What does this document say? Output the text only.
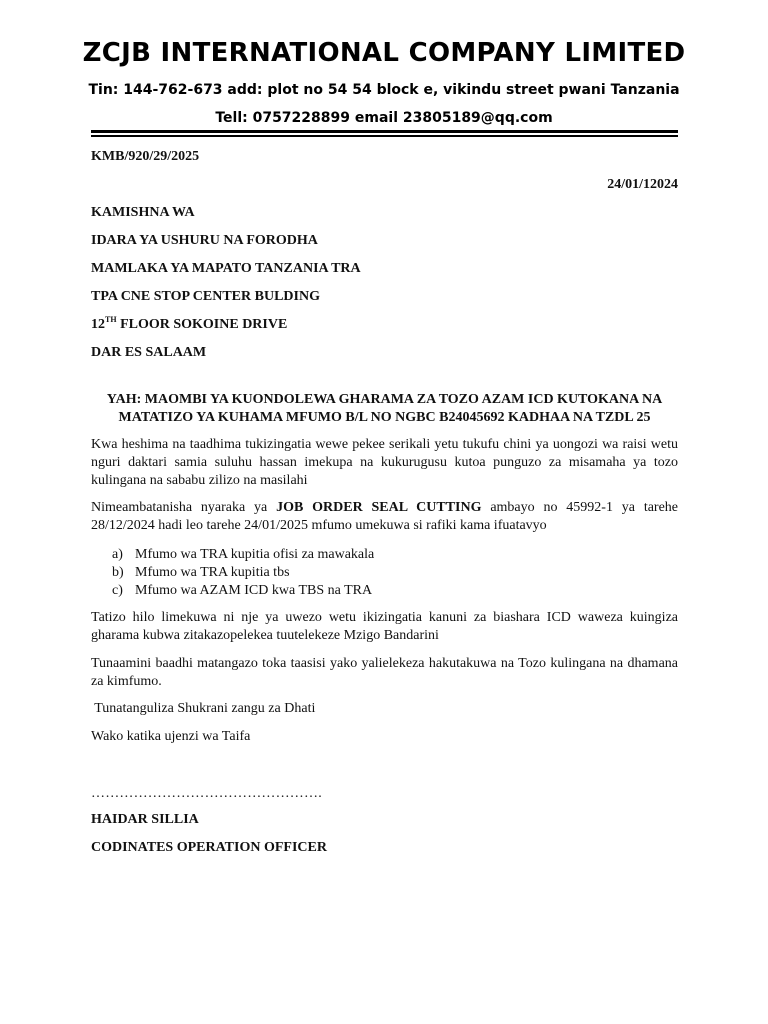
ZCJB INTERNATIONAL COMPANY LIMITED
Tin: 144-762-673 add: plot no 54 54 block e, vikindu street pwani Tanzania
Tell: 0757228899 email 23805189@qq.com
KMB/920/29/2025
24/01/12024
KAMISHNA WA
IDARA YA USHURU NA FORODHA
MAMLAKA YA MAPATO TANZANIA TRA
TPA CNE STOP CENTER BULDING
12TH FLOOR SOKOINE DRIVE
DAR ES SALAAM
YAH: MAOMBI YA KUONDOLEWA GHARAMA ZA TOZO AZAM ICD KUTOKANA NA MATATIZO YA KUHAMA MFUMO B/L NO NGBC B24045692 KADHAA NA TZDL 25
Kwa heshima na taadhima tukizingatia wewe pekee serikali yetu tukufu chini ya uongozi wa raisi wetu nguri daktari samia suluhu hassan imekupa na kukurugusu kutoa punguzo za misamaha ya tozo kulingana na sababu zilizo na masilahi
Nimeambatanisha nyaraka ya JOB ORDER SEAL CUTTING ambayo no 45992-1 ya tarehe 28/12/2024 hadi leo tarehe 24/01/2025 mfumo umekuwa si rafiki kama ifuatavyo
a) Mfumo wa TRA kupitia ofisi za mawakala
b) Mfumo wa TRA kupitia tbs
c) Mfumo wa AZAM ICD kwa TBS na TRA
Tatizo hilo limekuwa ni nje ya uwezo wetu ikizingatia kanuni za biashara ICD waweza kuingiza gharama kubwa zitakazopelekea tuutelekeze Mzigo Bandarini
Tunaamini baadhi matangazo toka taasisi yako yalielekeza hakutakuwa na Tozo kulingana na dhamana za kimfumo.
Tunatanguliza Shukrani zangu za Dhati
Wako katika ujenzi wa Taifa
………………………………………….
HAIDAR SILLIA
CODINATES OPERATION OFFICER
